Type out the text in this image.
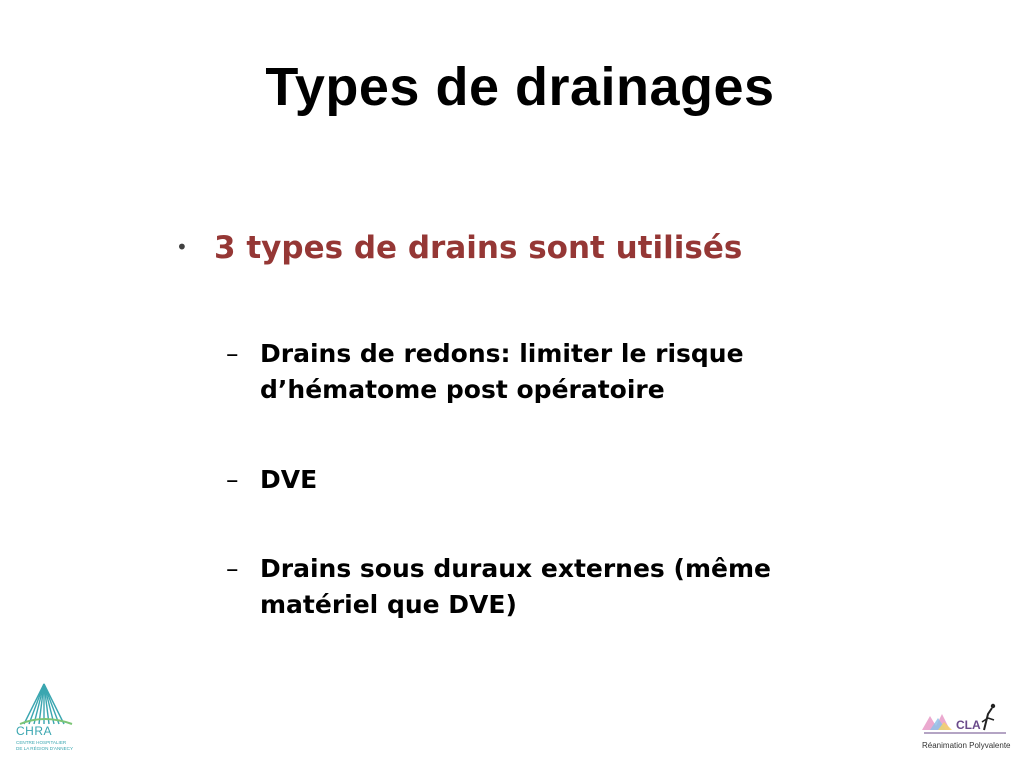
Types de drainages
• 3 types de drains sont utilisés
– Drains de redons: limiter le risque d’hématome post opératoire
– DVE
– Drains sous duraux externes (même matériel que DVE)
CHRA
CENTRE HOSPITALIER
DE LA RÉGION D'ANNECY
CLA
Réanimation Polyvalente
